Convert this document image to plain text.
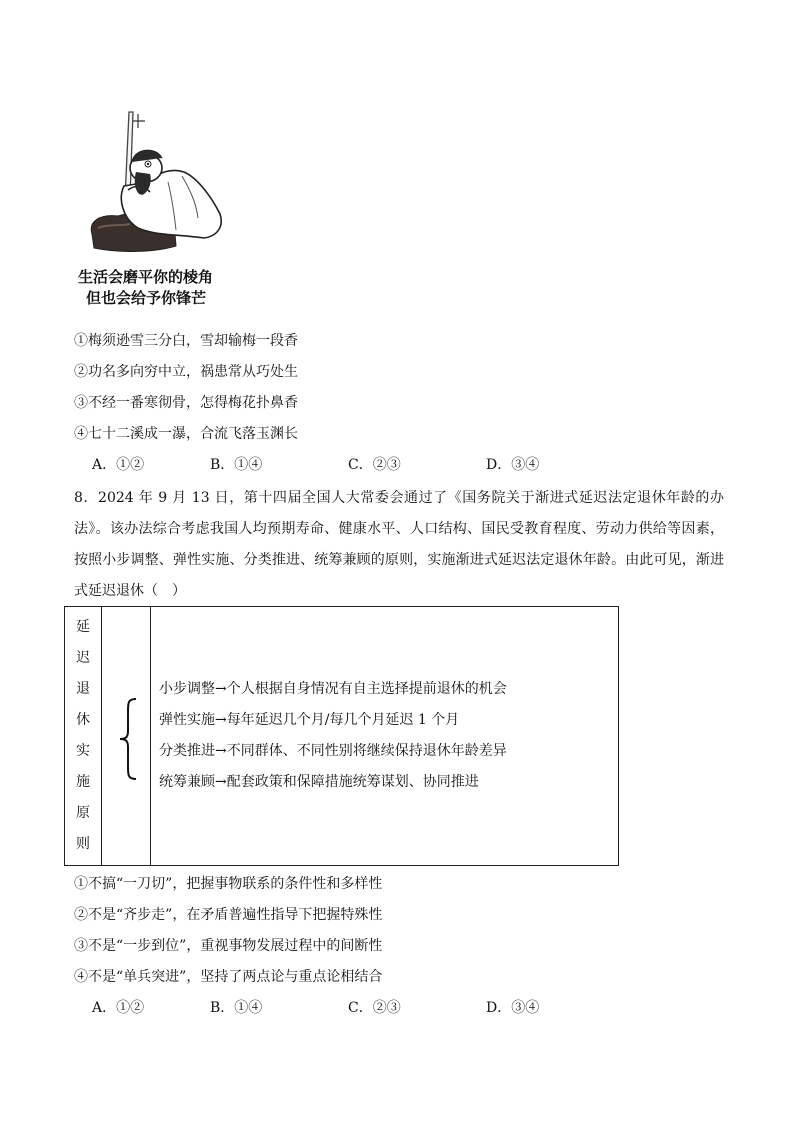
生活会磨平你的棱角
但也会给予你锋芒
①梅须逊雪三分白，雪却输梅一段香
②功名多向穷中立，祸患常从巧处生
③不经一番寒彻骨，怎得梅花扑鼻香
④七十二溪成一瀑，合流飞落玉渊长
A．①②	B．①④	C．②③	D．③④
8．2024 年 9 月 13 日，第十四届全国人大常委会通过了《国务院关于渐进式延迟法定退休年龄的办法》。该办法综合考虑我国人均预期寿命、健康水平、人口结构、国民受教育程度、劳动力供给等因素，按照小步调整、弹性实施、分类推进、统筹兼顾的原则，实施渐进式延迟法定退休年龄。由此可见，渐进式延迟退休（　）
延
迟
退
休
实
施
原
则

小步调整→个人根据自身情况有自主选择提前退休的机会
弹性实施→每年延迟几个月/每几个月延迟 1 个月
分类推进→不同群体、不同性别将继续保持退休年龄差异
统筹兼顾→配套政策和保障措施统筹谋划、协同推进
①不搞“一刀切”，把握事物联系的条件性和多样性
②不是“齐步走”，在矛盾普遍性指导下把握特殊性
③不是“一步到位”，重视事物发展过程中的间断性
④不是“单兵突进”，坚持了两点论与重点论相结合
A．①②	B．①④	C．②③	D．③④
